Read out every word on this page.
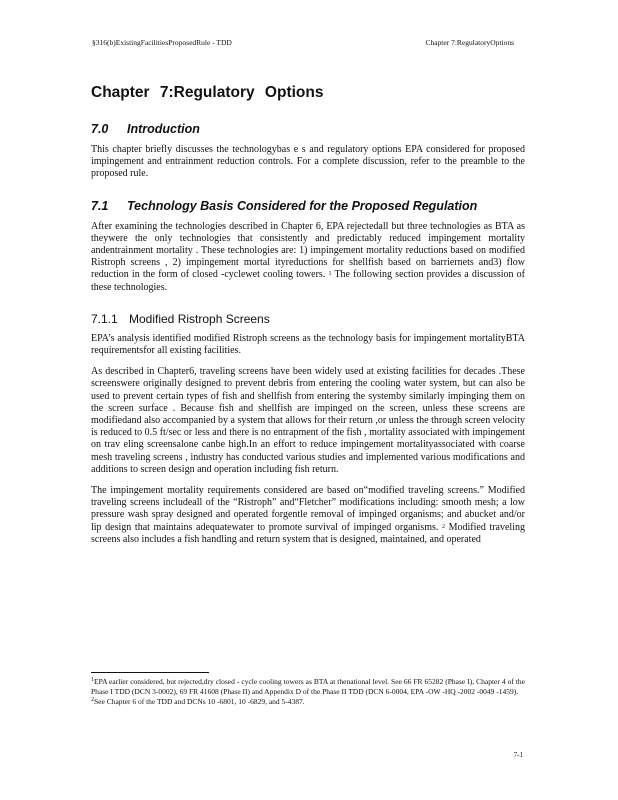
§316(b)ExistingFacilitiesProposedRule - TDD	Chapter 7:RegulatoryOptions
Chapter 7:Regulatory Options
7.0 Introduction

This chapter briefly discusses the technologybas e s and regulatory options EPA considered for proposed impingement and entrainment reduction controls. For a complete discussion, refer to the preamble to the proposed rule.

7.1 Technology Basis Considered for the Proposed Regulation

After examining the technologies described in Chapter 6, EPA rejectedall but three technologies as BTA as theywere the only technologies that consistently and predictably reduced impingement mortality andentrainment mortality . These technologies are: 1) impingement mortality reductions based on modified Ristroph screens , 2) impingement mortal ityreductions for shellfish based on barriernets and3) flow reduction in the form of closed -cyclewet cooling towers. $^1$ The following section provides a discussion of these technologies.

7.1.1 Modified Ristroph Screens

EPA’s analysis identified modified Ristroph screens as the technology basis for impingement mortalityBTA requirementsfor all existing facilities.

As described in Chapter6, traveling screens have been widely used at existing facilities for decades .These screenswere originally designed to prevent debris from entering the cooling water system, but can also be used to prevent certain types of fish and shellfish from entering the systemby similarly impinging them on the screen surface . Because fish and shellfish are impinged on the screen, unless these screens are modifiedand also accompanied by a system that allows for their return ,or unless the through screen velocity is reduced to 0.5 ft/sec or less and there is no entrapment of the fish , mortality associated with impingement on trav eling screensalone canbe high.In an effort to reduce impingement mortalityassociated with coarse mesh traveling screens , industry has conducted various studies and implemented various modifications and additions to screen design and operation including fish return.

The impingement mortality requirements considered are based on“modified traveling screens.” Modified traveling screens includeall of the “Ristroph” and“Fletcher” modifications including: smooth mesh; a low pressure wash spray designed and operated forgentle removal of impinged organisms; and abucket and/or lip design that maintains adequatewater to promote survival of impinged organisms. $^2$ Modified traveling screens also includes a fish handling and return system that is designed, maintained, and operated

$^1$EPA earlier considered, but rejected,dry closed - cycle cooling towers as BTA at thenational level. See 66 FR 65282 (Phase I), Chapter 4 of the Phase I TDD (DCN 3-0002), 69 FR 41608 (Phase II) and Appendix D of the Phase II TDD (DCN 6-0004, EPA -OW -HQ -2002 -0049 -1459).
$^2$See Chapter 6 of the TDD and DCNs 10 -6801, 10 -6829, and 5-4387.
7-1
